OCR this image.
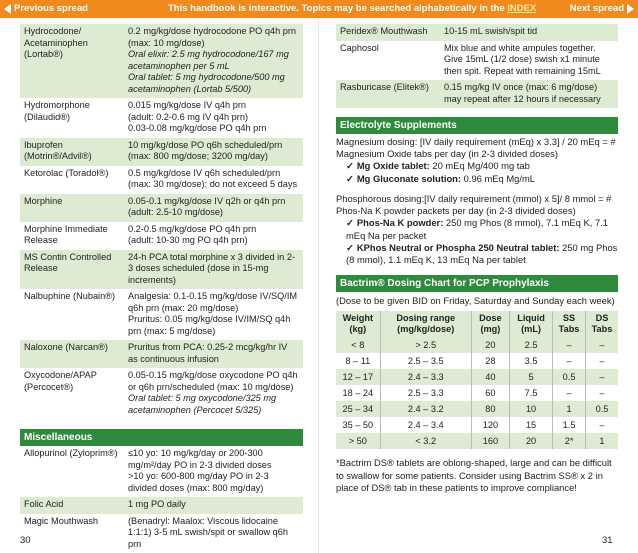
Previous spread	This handbook is interactive. Topics may be searched alphabetically in the INDEX	Next spread
Hydrocodone/ Acetaminophen (Lortab®)	0.2 mg/kg/dose hydrocodone PO q4h prn
(max: 10 mg/dose)
Oral elixir: 2.5 mg hydrocodone/167 mg acetaminophen per 5 mL
Oral tablet: 5 mg hydrocodone/500 mg acetaminophen (Lortab 5/500)

Hydromorphone (Dilaudid®)	0.015 mg/kg/dose IV q4h prn
(adult: 0.2-0.6 mg IV q4h prn)
0.03-0.08 mg/kg/dose PO q4h prn

Ibuprofen (Motrin®/Advil®)	10 mg/kg/dose PO q6h scheduled/prn
(max: 800 mg/dose; 3200 mg/day)

Ketorolac (Toradol®)	0.5 mg/kg/dose IV q6h scheduled/prn
(max: 30 mg/dose); do not exceed 5 days

Morphine	0.05-0.1 mg/kg/dose IV q2h or q4h prn
(adult: 2.5-10 mg/dose)

Morphine Immediate Release	0.2-0.5 mg/kg/dose PO q4h prn
(adult: 10-30 mg PO q4h prn)

MS Contin Controlled Release	24-h PCA total morphine x 3 divided in 2-3 doses scheduled (dose in 15-mg increments)

Nalbuphine (Nubain®)	Analgesia: 0.1-0.15 mg/kg/dose IV/SQ/IM q6h prn (max: 20 mg/dose)
Pruritus: 0.05 mg/kg/dose IV/IM/SQ q4h prn (max: 5 mg/dose)

Naloxone (Narcan®)	Pruritus from PCA: 0.25-2 mcg/kg/hr IV as continuous infusion

Oxycodone/APAP (Percocet®)	0.05-0.15 mg/kg/dose oxycodone PO q4h or q6h prn/scheduled (max: 10 mg/dose)
Oral tablet: 5 mg oxycodone/325 mg acetaminophen (Percocet 5/325)
Miscellaneous
Allopurinol (Zyloprim®)	≤10 yo: 10 mg/kg/day or 200-300 mg/m²/day PO in 2-3 divided doses
>10 yo: 600-800 mg/day PO in 2-3 divided doses (max: 800 mg/day)

Folic Acid	1 mg PO daily

Magic Mouthwash	(Benadryl: Maalox: Viscous lidocaine 1:1:1) 3-5 mL swish/spit or swallow q6h prn
Peridex® Mouthwash	10-15 mL swish/spit tid

Caphosol	Mix blue and white ampules together. Give 15mL (1/2 dose) swish x1 minute then spit. Repeat with remaining 15mL

Rasburicase (Elitek®)	0.15 mg/kg IV once (max: 6 mg/dose) may repeat after 12 hours if necessary
Electrolyte Supplements

Magnesium dosing: [IV daily requirement (mEq) x 3.3] / 20 mEq = # Magnesium Oxide tabs per day (in 2-3 divided doses)

✓ Mg Oxide tablet: 20 mEq Mg/400 mg tab
✓ Mg Gluconate solution: 0.96 mEq Mg/mL

Phosphorous dosing:[IV daily requirement (mmol) x 5]/ 8 mmol = # Phos-Na K powder packets per day (in 2-3 divided doses)

✓ Phos-Na K powder: 250 mg Phos (8 mmol), 7.1 mEq K, 7.1 mEq Na per packet
✓ KPhos Neutral or Phospha 250 Neutral tablet: 250 mg Phos (8 mmol), 1.1 mEq K, 13 mEq Na per tablet
Bactrim® Dosing Chart for PCP Prophylaxis
(Dose to be given BID on Friday, Saturday and Sunday each week)
Weight (kg)	Dosing range (mg/kg/dose)	Dose (mg)	Liquid (mL)	SS Tabs	DS Tabs
< 8	> 2.5	20	2.5	–	–
8 – 11	2.5 – 3.5	28	3.5	–	–
12 – 17	2.4 – 3.3	40	5	0.5	–
18 – 24	2.5 – 3.3	60	7.5	–	–
25 – 34	2.4 – 3.2	80	10	1	0.5
35 – 50	2.4 – 3.4	120	15	1.5	–
> 50	< 3.2	160	20	2*	1
*Bactrim DS® tablets are oblong-shaped, large and can be difficult to swallow for some patients. Consider using Bactrim SS® x 2 in place of DS® tab in these patients to improve compliance!
30	31
